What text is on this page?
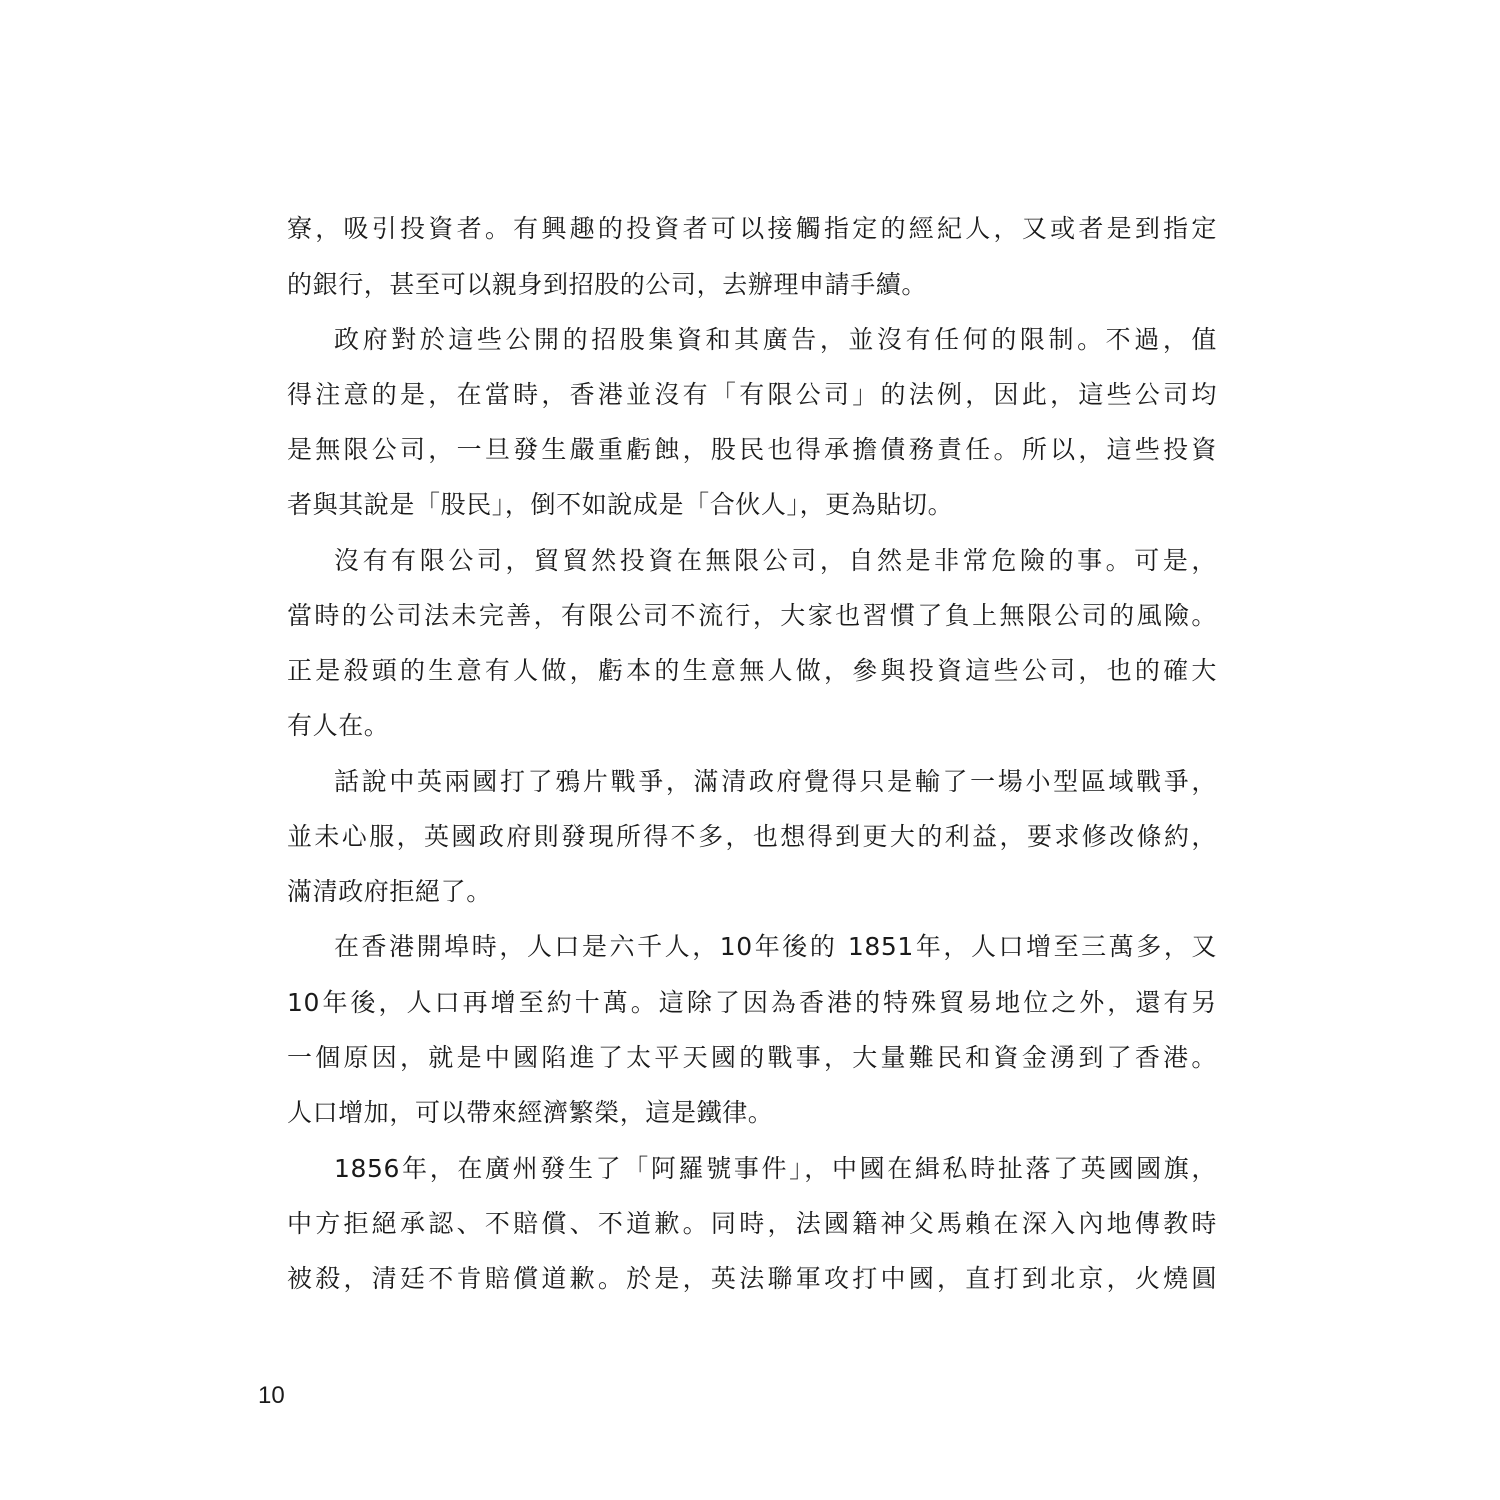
寮，吸引投資者。有興趣的投資者可以接觸指定的經紀人，又或者是到指定
的銀行，甚至可以親身到招股的公司，去辦理申請手續。
政府對於這些公開的招股集資和其廣告，並沒有任何的限制。不過，值
得注意的是，在當時，香港並沒有「有限公司」的法例，因此，這些公司均
是無限公司，一旦發生嚴重虧蝕，股民也得承擔債務責任。所以，這些投資
者與其說是「股民」，倒不如說成是「合伙人」，更為貼切。
沒有有限公司，貿貿然投資在無限公司，自然是非常危險的事。可是，
當時的公司法未完善，有限公司不流行，大家也習慣了負上無限公司的風險。
正是殺頭的生意有人做，虧本的生意無人做，參與投資這些公司，也的確大
有人在。
話說中英兩國打了鴉片戰爭，滿清政府覺得只是輸了一場小型區域戰爭，
並未心服，英國政府則發現所得不多，也想得到更大的利益，要求修改條約，
滿清政府拒絕了。
在香港開埠時，人口是六千人，10年後的 1851年，人口增至三萬多，又
10年後，人口再增至約十萬。這除了因為香港的特殊貿易地位之外，還有另
一個原因，就是中國陷進了太平天國的戰事，大量難民和資金湧到了香港。
人口增加，可以帶來經濟繁榮，這是鐵律。
1856年，在廣州發生了「阿羅號事件」，中國在緝私時扯落了英國國旗，
中方拒絕承認、不賠償、不道歉。同時，法國籍神父馬賴在深入內地傳教時
被殺，清廷不肯賠償道歉。於是，英法聯軍攻打中國，直打到北京，火燒圓
10
